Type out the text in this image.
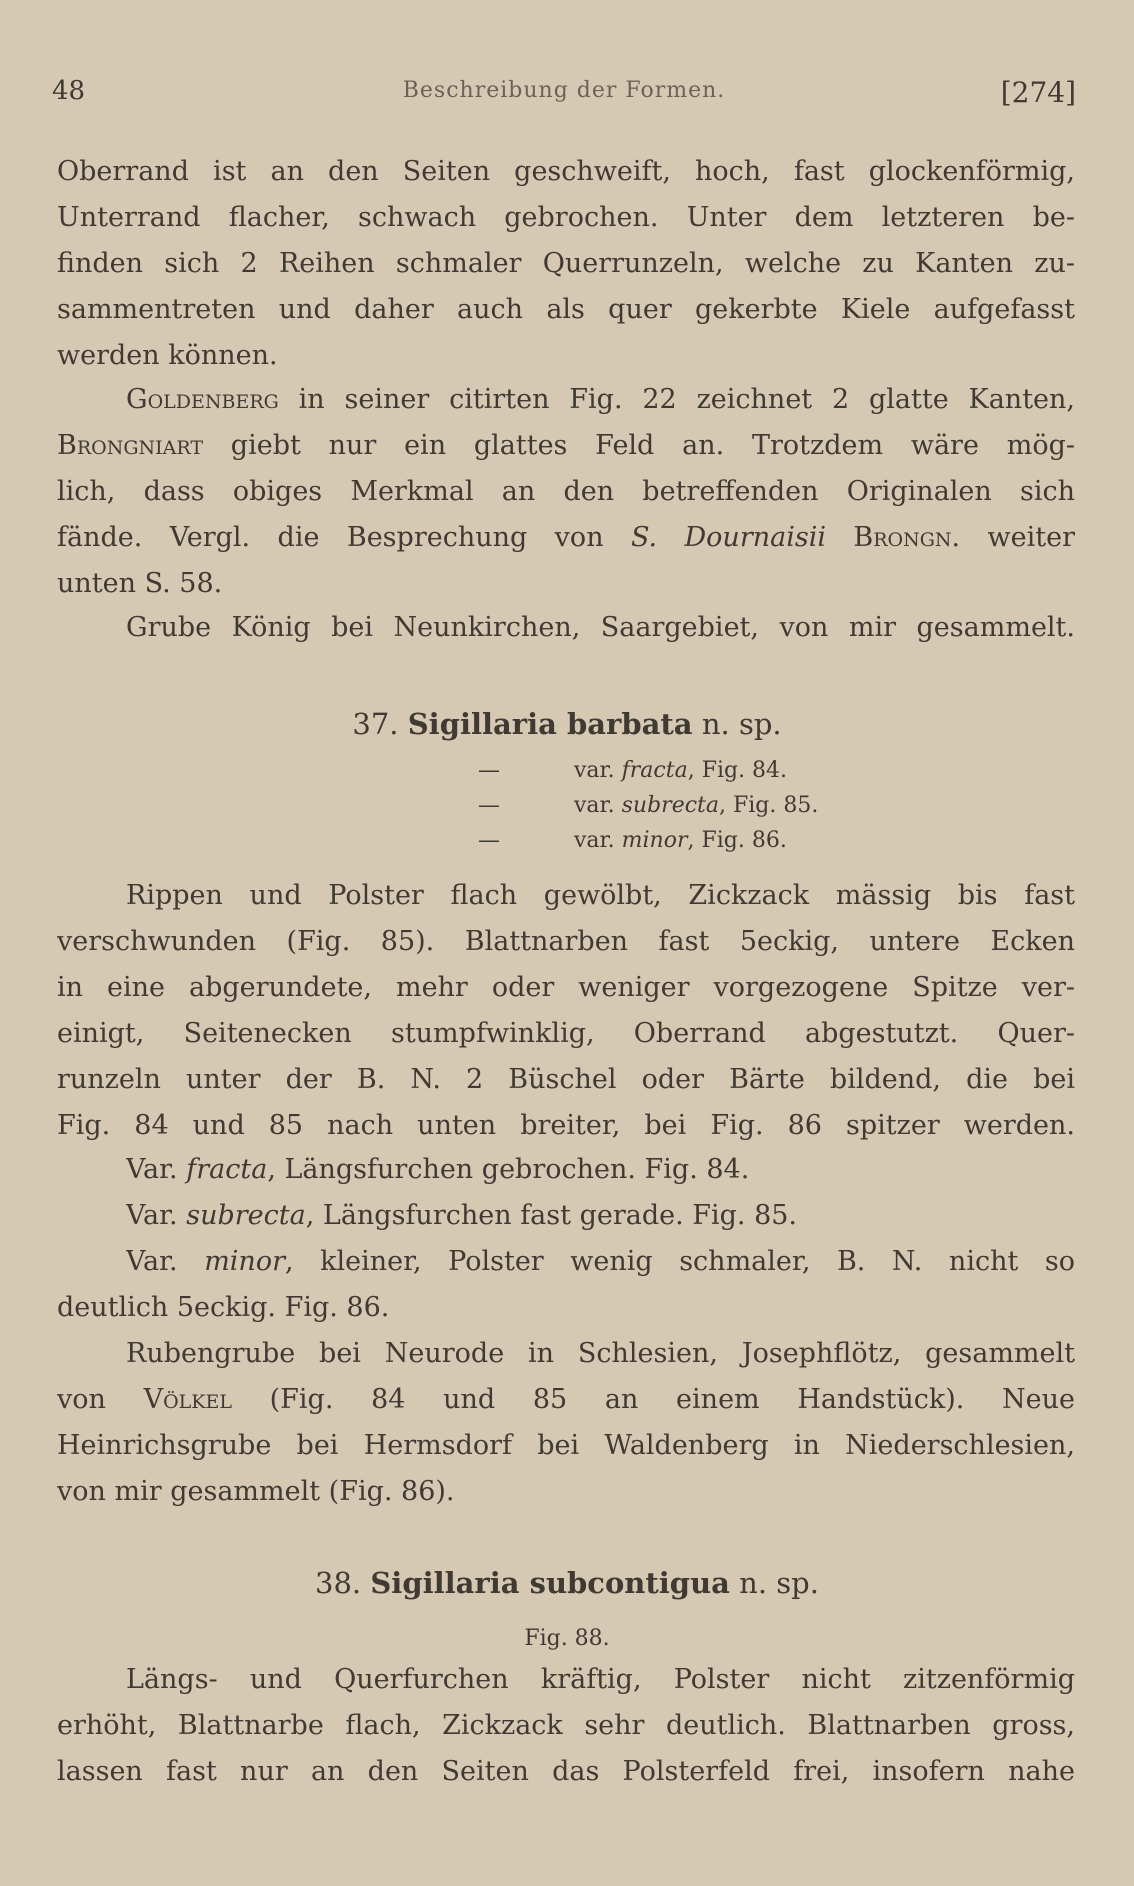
48	Beschreibung der Formen.	[274]
Oberrand ist an den Seiten geschweift, hoch, fast glockenförmig,
Unterrand flacher, schwach gebrochen. Unter dem letzteren be-
finden sich 2 Reihen schmaler Querrunzeln, welche zu Kanten zu-
sammentreten und daher auch als quer gekerbte Kiele aufgefasst
werden können.
Goldenberg in seiner citirten Fig. 22 zeichnet 2 glatte Kanten,
Brongniart giebt nur ein glattes Feld an. Trotzdem wäre mög-
lich, dass obiges Merkmal an den betreffenden Originalen sich
fände. Vergl. die Besprechung von S. Dournaisii Brongn. weiter
unten S. 58.
Grube König bei Neunkirchen, Saargebiet, von mir gesammelt.
37. Sigillaria barbata n. sp.
—	var. fracta, Fig. 84.
—	var. subrecta, Fig. 85.
—	var. minor, Fig. 86.
Rippen und Polster flach gewölbt, Zickzack mässig bis fast
verschwunden (Fig. 85). Blattnarben fast 5eckig, untere Ecken
in eine abgerundete, mehr oder weniger vorgezogene Spitze ver-
einigt, Seitenecken stumpfwinklig, Oberrand abgestutzt. Quer-
runzeln unter der B. N. 2 Büschel oder Bärte bildend, die bei
Fig. 84 und 85 nach unten breiter, bei Fig. 86 spitzer werden.
Var. fracta, Längsfurchen gebrochen. Fig. 84.
Var. subrecta, Längsfurchen fast gerade. Fig. 85.
Var. minor, kleiner, Polster wenig schmaler, B. N. nicht so
deutlich 5eckig. Fig. 86.
Rubengrube bei Neurode in Schlesien, Josephflötz, gesammelt
von Völkel (Fig. 84 und 85 an einem Handstück). Neue
Heinrichsgrube bei Hermsdorf bei Waldenberg in Niederschlesien,
von mir gesammelt (Fig. 86).
38. Sigillaria subcontigua n. sp.
Fig. 88.
Längs- und Querfurchen kräftig, Polster nicht zitzenförmig
erhöht, Blattnarbe flach, Zickzack sehr deutlich. Blattnarben gross,
lassen fast nur an den Seiten das Polsterfeld frei, insofern nahe
